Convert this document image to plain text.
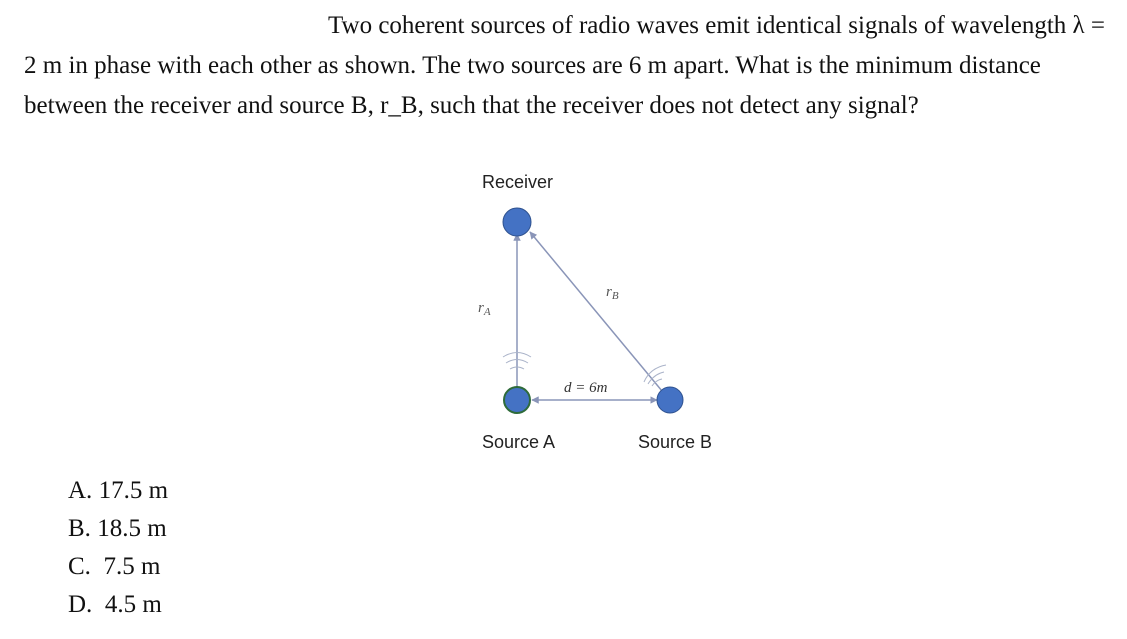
Two coherent sources of radio waves emit identical signals of wavelength λ = 2 m in phase with each other as shown. The two sources are 6 m apart. What is the minimum distance between the receiver and source B, r_B, such that the receiver does not detect any signal?
Receiver
$r_A$
$r_B$
d = 6m
Source A	Source B
A. 17.5 m
B. 18.5 m
C. 7.5 m
D. 4.5 m
